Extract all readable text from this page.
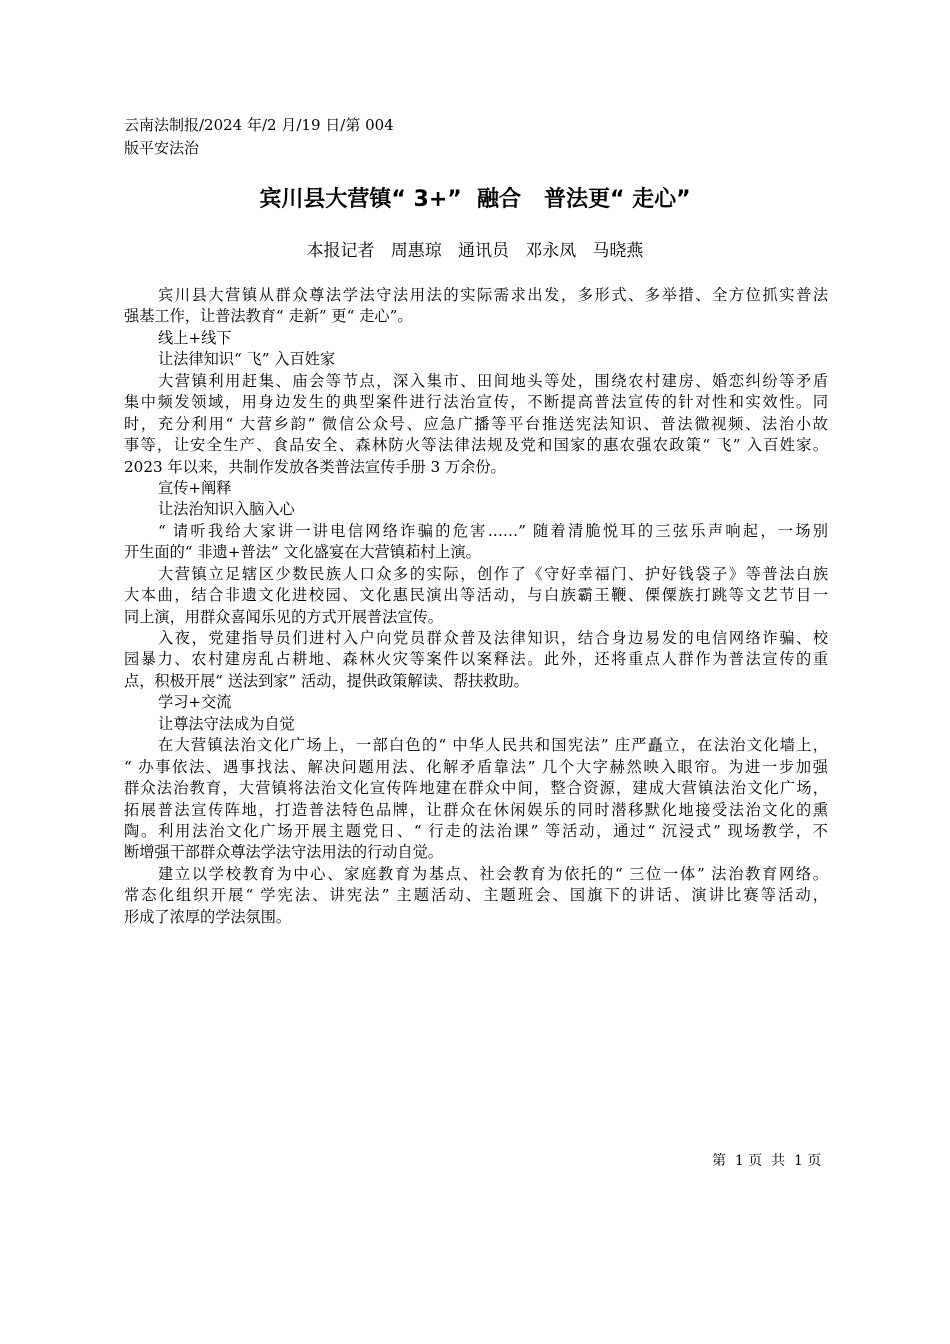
云南法制报/2024 年/2 月/19 日/第 004
版平安法治
宾川县大营镇“ 3+”  融合   普法更“ 走心”
本报记者   周惠琼   通讯员   邓永凤   马晓燕
宾川县大营镇从群众尊法学法守法用法的实际需求出发，多形式、多举措、全方位抓实普法
强基工作，让普法教育“ 走新” 更“ 走心”。
线上+线下
让法律知识“ 飞” 入百姓家
大营镇利用赶集、庙会等节点，深入集市、田间地头等处，围绕农村建房、婚恋纠纷等矛盾
集中频发领域，用身边发生的典型案件进行法治宣传，不断提高普法宣传的针对性和实效性。同
时，充分利用“ 大营乡韵” 微信公众号、应急广播等平台推送宪法知识、普法微视频、法治小故
事等，让安全生产、食品安全、森林防火等法律法规及党和国家的惠农强农政策“ 飞” 入百姓家。
2023 年以来，共制作发放各类普法宣传手册 3 万余份。
宣传+阐释
让法治知识入脑入心
“ 请听我给大家讲一讲电信网络诈骗的危害……” 随着清脆悦耳的三弦乐声响起，一场别
开生面的“ 非遗+普法” 文化盛宴在大营镇萂村上演。
大营镇立足辖区少数民族人口众多的实际，创作了《守好幸福门、护好钱袋子》等普法白族
大本曲，结合非遗文化进校园、文化惠民演出等活动，与白族霸王鞭、傈僳族打跳等文艺节目一
同上演，用群众喜闻乐见的方式开展普法宣传。
入夜，党建指导员们进村入户向党员群众普及法律知识，结合身边易发的电信网络诈骗、校
园暴力、农村建房乱占耕地、森林火灾等案件以案释法。此外，还将重点人群作为普法宣传的重
点，积极开展“ 送法到家” 活动，提供政策解读、帮扶救助。
学习+交流
让尊法守法成为自觉
在大营镇法治文化广场上，一部白色的“ 中华人民共和国宪法” 庄严矗立，在法治文化墙上，
“ 办事依法、遇事找法、解决问题用法、化解矛盾靠法” 几个大字赫然映入眼帘。为进一步加强
群众法治教育，大营镇将法治文化宣传阵地建在群众中间，整合资源，建成大营镇法治文化广场，
拓展普法宣传阵地，打造普法特色品牌，让群众在休闲娱乐的同时潜移默化地接受法治文化的熏
陶。利用法治文化广场开展主题党日、“ 行走的法治课” 等活动，通过“ 沉浸式” 现场教学，不
断增强干部群众尊法学法守法用法的行动自觉。
建立以学校教育为中心、家庭教育为基点、社会教育为依托的“ 三位一体” 法治教育网络。
常态化组织开展“ 学宪法、讲宪法” 主题活动、主题班会、国旗下的讲话、演讲比赛等活动，
形成了浓厚的学法氛围。
第  1 页  共  1 页
